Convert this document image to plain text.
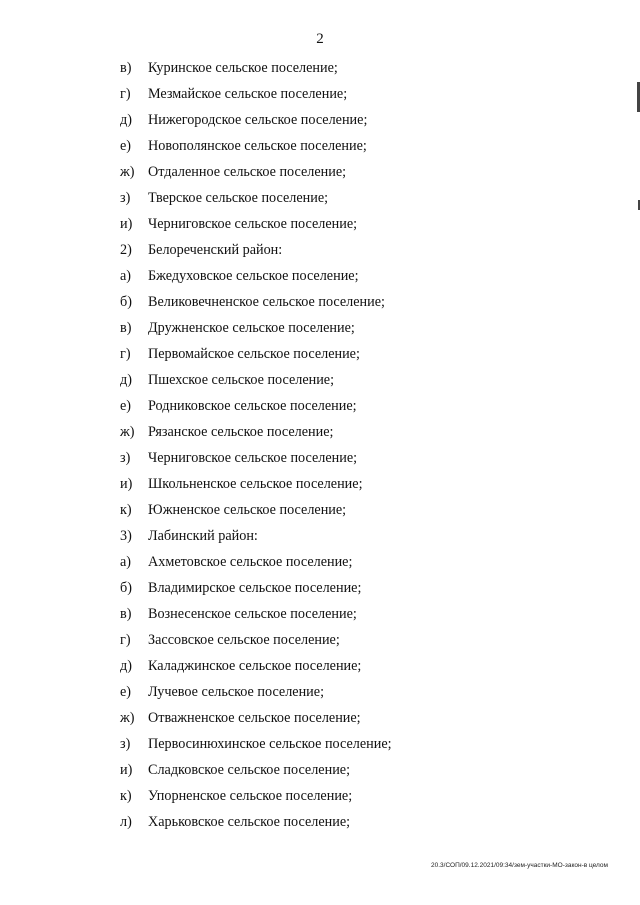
2
в)	Куринское сельское поселение;
г)	Мезмайское сельское поселение;
д)	Нижегородское сельское поселение;
е)	Новополянское сельское поселение;
ж) Отдаленное сельское поселение;
з)	Тверское сельское поселение;
и)	Черниговское сельское поселение;
2)	Белореченский район:
а)	Бжедуховское сельское поселение;
б)	Великовечненское сельское поселение;
в)	Дружненское сельское поселение;
г)	Первомайское сельское поселение;
д)	Пшехское сельское поселение;
е)	Родниковское сельское поселение;
ж) Рязанское сельское поселение;
з)	Черниговское сельское поселение;
и)	Школьненское сельское поселение;
к)	Южненское сельское поселение;
3)	Лабинский район:
а)	Ахметовское сельское поселение;
б)	Владимирское сельское поселение;
в)	Вознесенское сельское поселение;
г)	Зассовское сельское поселение;
д)	Каладжинское сельское поселение;
е)	Лучевое сельское поселение;
ж) Отважненское сельское поселение;
з)	Первосинюхинское сельское поселение;
и)	Сладковское сельское поселение;
к)	Упорненское сельское поселение;
л)	Харьковское сельское поселение;
20.3/СОП/09.12.2021/09:34/зем-участки-МО-закон-в целом
